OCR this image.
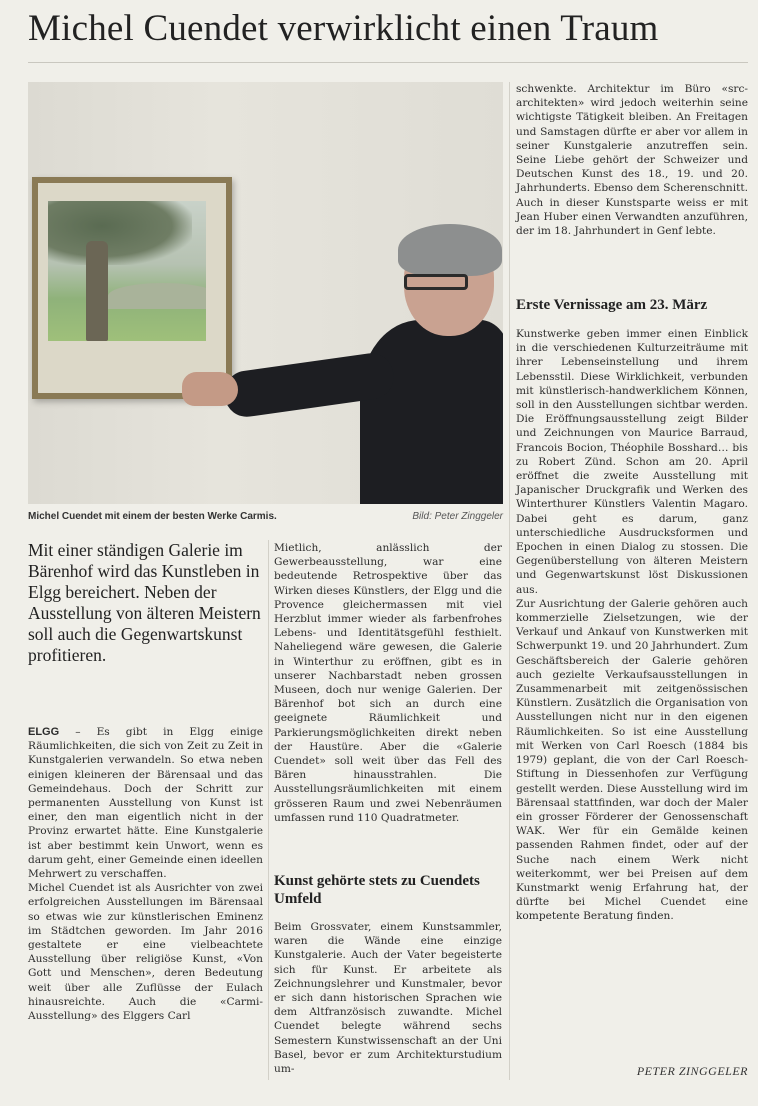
Michel Cuendet verwirklicht einen Traum
Michel Cuendet mit einem der besten Werke Carmis.	Bild: Peter Zinggeler
Mit einer ständigen Galerie im Bärenhof wird das Kunstleben in Elgg bereichert. Neben der Ausstellung von älteren Meistern soll auch die Gegenwartskunst profitieren.

ELGG – Es gibt in Elgg einige Räumlichkeiten, die sich von Zeit zu Zeit in Kunstgalerien verwandeln. So etwa neben einigen kleineren der Bärensaal und das Gemeindehaus. Doch der Schritt zur permanenten Ausstellung von Kunst ist einer, den man eigentlich nicht in der Provinz erwartet hätte. Eine Kunstgalerie ist aber bestimmt kein Unwort, wenn es darum geht, einer Gemeinde einen ideellen Mehrwert zu verschaffen.

Michel Cuendet ist als Ausrichter von zwei erfolgreichen Ausstellungen im Bärensaal so etwas wie zur künstlerischen Eminenz im Städtchen geworden. Im Jahr 2016 gestaltete er eine vielbeachtete Ausstellung über religiöse Kunst, «Von Gott und Menschen», deren Bedeutung weit über alle Zuflüsse der Eulach hinausreichte. Auch die «Carmi-Ausstellung» des Elggers Carl

Mietlich, anlässlich der Gewerbeausstellung, war eine bedeutende Retrospektive über das Wirken dieses Künstlers, der Elgg und die Provence gleichermassen mit viel Herzblut immer wieder als farbenfrohes Lebens- und Identitätsgefühl festhielt. Naheliegend wäre gewesen, die Galerie in Winterthur zu eröffnen, gibt es in unserer Nachbarstadt neben grossen Museen, doch nur wenige Galerien. Der Bärenhof bot sich an durch eine geeignete Räumlichkeit und Parkierungsmöglichkeiten direkt neben der Haustüre. Aber die «Galerie Cuendet» soll weit über das Fell des Bären hinausstrahlen. Die Ausstellungsräumlichkeiten mit einem grösseren Raum und zwei Nebenräumen umfassen rund 110 Quadratmeter.

Kunst gehörte stets zu Cuendets Umfeld

Beim Grossvater, einem Kunstsammler, waren die Wände eine einzige Kunstgalerie. Auch der Vater begeisterte sich für Kunst. Er arbeitete als Zeichnungslehrer und Kunstmaler, bevor er sich dann historischen Sprachen wie dem Altfranzösisch zuwandte. Michel Cuendet belegte während sechs Semestern Kunstwissenschaft an der Uni Basel, bevor er zum Architekturstudium um-

schwenkte. Architektur im Büro «src-architekten» wird jedoch weiterhin seine wichtigste Tätigkeit bleiben. An Freitagen und Samstagen dürfte er aber vor allem in seiner Kunstgalerie anzutreffen sein. Seine Liebe gehört der Schweizer und Deutschen Kunst des 18., 19. und 20. Jahrhunderts. Ebenso dem Scherenschnitt. Auch in dieser Kunstsparte weiss er mit Jean Huber einen Verwandten anzuführen, der im 18. Jahrhundert in Genf lebte.

Erste Vernissage am 23. März

Kunstwerke geben immer einen Einblick in die verschiedenen Kulturzeiträume mit ihrer Lebenseinstellung und ihrem Lebensstil. Diese Wirklichkeit, verbunden mit künstlerisch-handwerklichem Können, soll in den Ausstellungen sichtbar werden. Die Eröffnungsausstellung zeigt Bilder und Zeichnungen von Maurice Barraud, Francois Bocion, Théophile Bosshard… bis zu Robert Zünd. Schon am 20. April eröffnet die zweite Ausstellung mit Japanischer Druckgrafik und Werken des Winterthurer Künstlers Valentin Magaro. Dabei geht es darum, ganz unterschiedliche Ausdrucksformen und Epochen in einen Dialog zu stossen. Die Gegenüberstellung von älteren Meistern und Gegenwartskunst löst Diskussionen aus.

Zur Ausrichtung der Galerie gehören auch kommerzielle Zielsetzungen, wie der Verkauf und Ankauf von Kunstwerken mit Schwerpunkt 19. und 20 Jahrhundert. Zum Geschäftsbereich der Galerie gehören auch gezielte Verkaufsausstellungen in Zusammenarbeit mit zeitgenössischen Künstlern. Zusätzlich die Organisation von Ausstellungen nicht nur in den eigenen Räumlichkeiten. So ist eine Ausstellung mit Werken von Carl Roesch (1884 bis 1979) geplant, die von der Carl Roesch-Stiftung in Diessenhofen zur Verfügung gestellt werden. Diese Ausstellung wird im Bärensaal stattfinden, war doch der Maler ein grosser Förderer der Genossenschaft WAK. Wer für ein Gemälde keinen passenden Rahmen findet, oder auf der Suche nach einem Werk nicht weiterkommt, wer bei Preisen auf dem Kunstmarkt wenig Erfahrung hat, der dürfte bei Michel Cuendet eine kompetente Beratung finden.

PETER ZINGGELER
